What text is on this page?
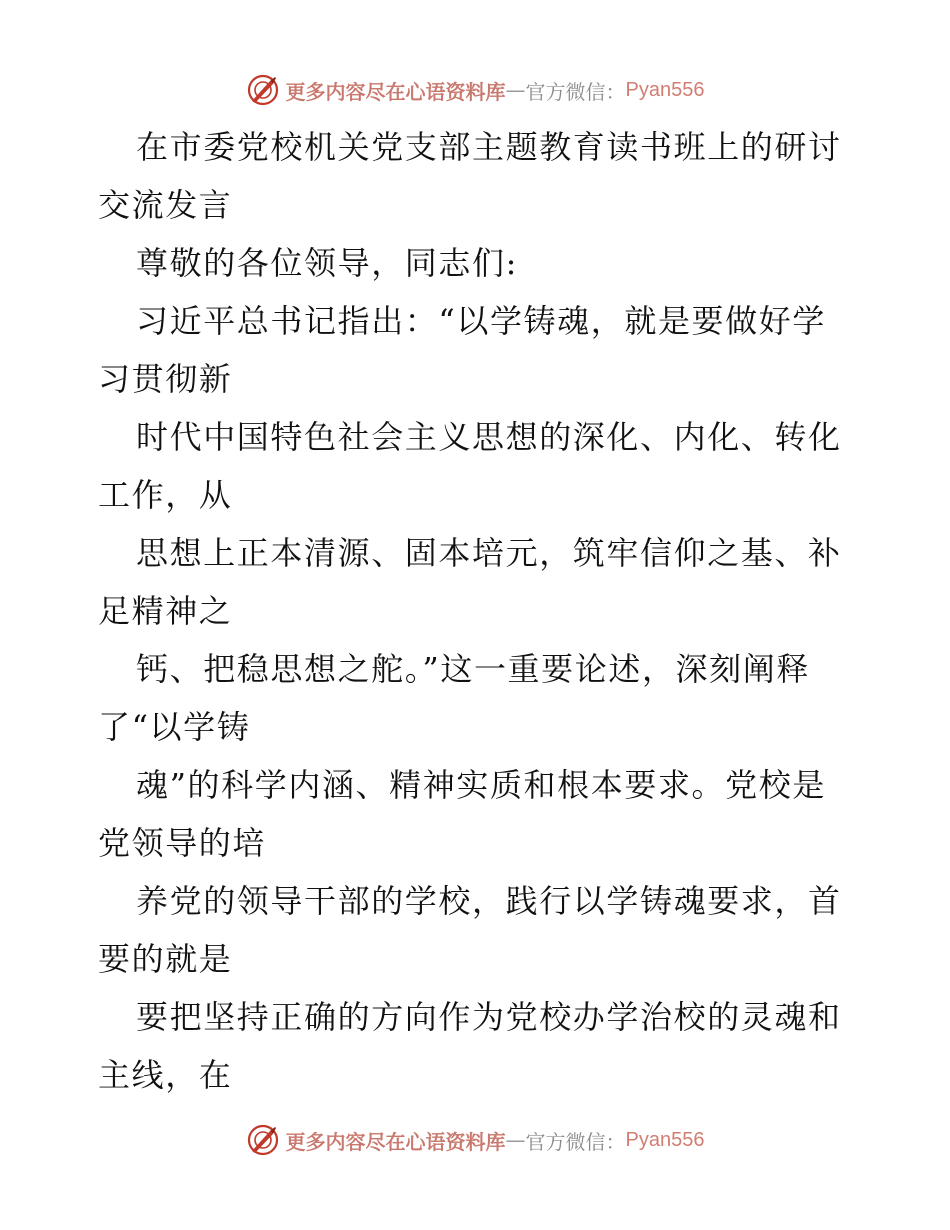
更多内容尽在心语资料库 — 官方微信： Pyan556
在市委党校机关党支部主题教育读书班上的研讨
交流发言
尊敬的各位领导，同志们:
习近平总书记指出：“以学铸魂，就是要做好学
习贯彻新
时代中国特色社会主义思想的深化、内化、转化
工作，从
思想上正本清源、固本培元，筑牢信仰之基、补
足精神之
钙、把稳思想之舵。”这一重要论述，深刻阐释
了“以学铸
魂”的科学内涵、精神实质和根本要求。党校是
党领导的培
养党的领导干部的学校，践行以学铸魂要求，首
要的就是
要把坚持正确的方向作为党校办学治校的灵魂和
主线，在
更多内容尽在心语资料库 — 官方微信： Pyan556
